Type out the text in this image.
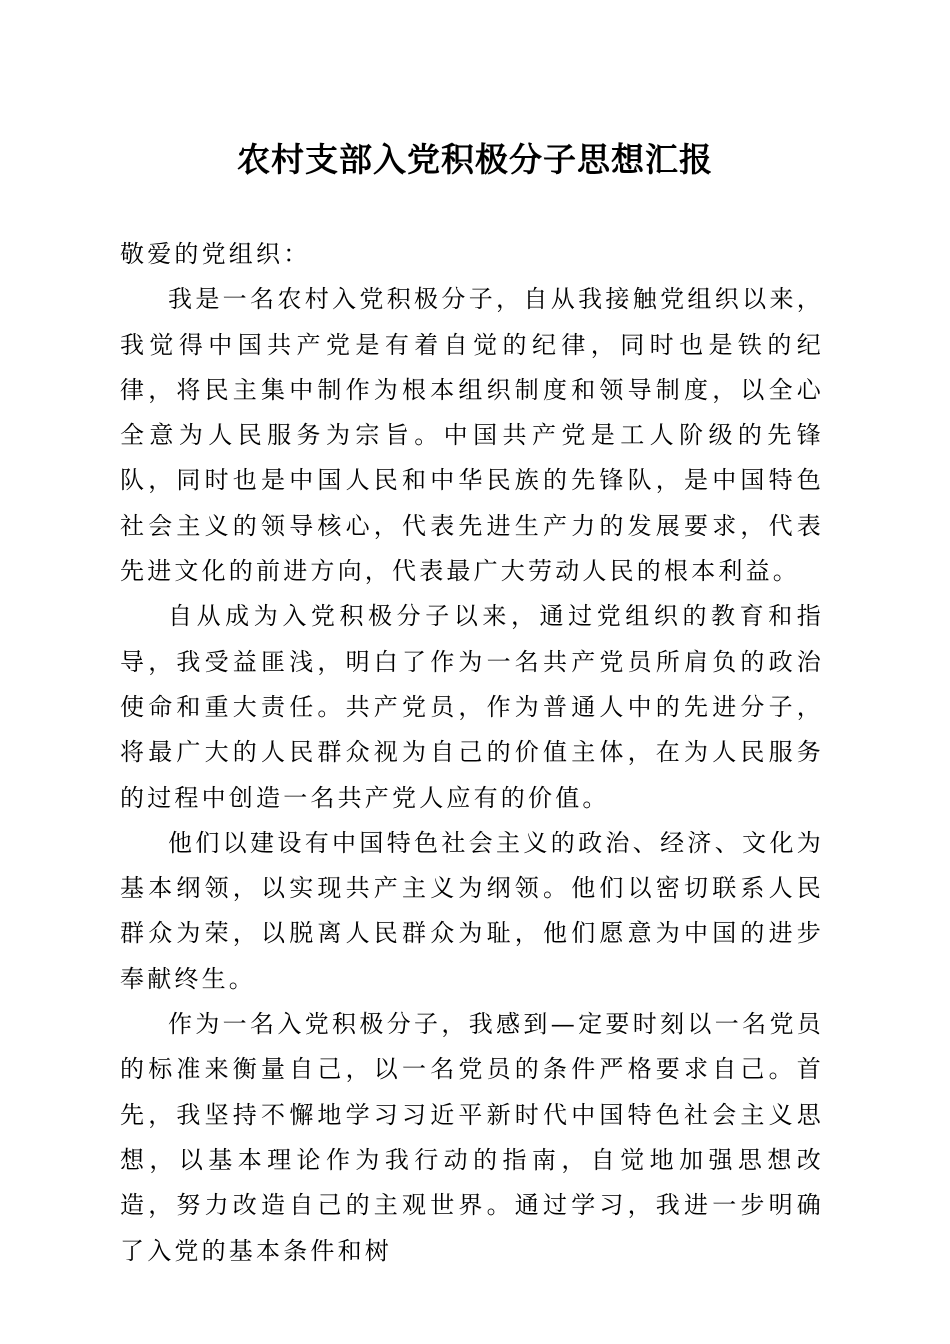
农村支部入党积极分子思想汇报

敬爱的党组织：

我是一名农村入党积极分子，自从我接触党组织以来，我觉得中国共产党是有着自觉的纪律，同时也是铁的纪律，将民主集中制作为根本组织制度和领导制度，以全心全意为人民服务为宗旨。中国共产党是工人阶级的先锋队，同时也是中国人民和中华民族的先锋队，是中国特色社会主义的领导核心，代表先进生产力的发展要求，代表先进文化的前进方向，代表最广大劳动人民的根本利益。

自从成为入党积极分子以来，通过党组织的教育和指导，我受益匪浅，明白了作为一名共产党员所肩负的政治使命和重大责任。共产党员，作为普通人中的先进分子，将最广大的人民群众视为自己的价值主体，在为人民服务的过程中创造一名共产党人应有的价值。

他们以建设有中国特色社会主义的政治、经济、文化为基本纲领，以实现共产主义为纲领。他们以密切联系人民群众为荣，以脱离人民群众为耻，他们愿意为中国的进步奉献终生。

作为一名入党积极分子，我感到—定要时刻以一名党员的标准来衡量自己，以一名党员的条件严格要求自己。首先，我坚持不懈地学习习近平新时代中国特色社会主义思想，以基本理论作为我行动的指南，自觉地加强思想改造，努力改造自己的主观世界。通过学习，我进一步明确了入党的基本条件和树
